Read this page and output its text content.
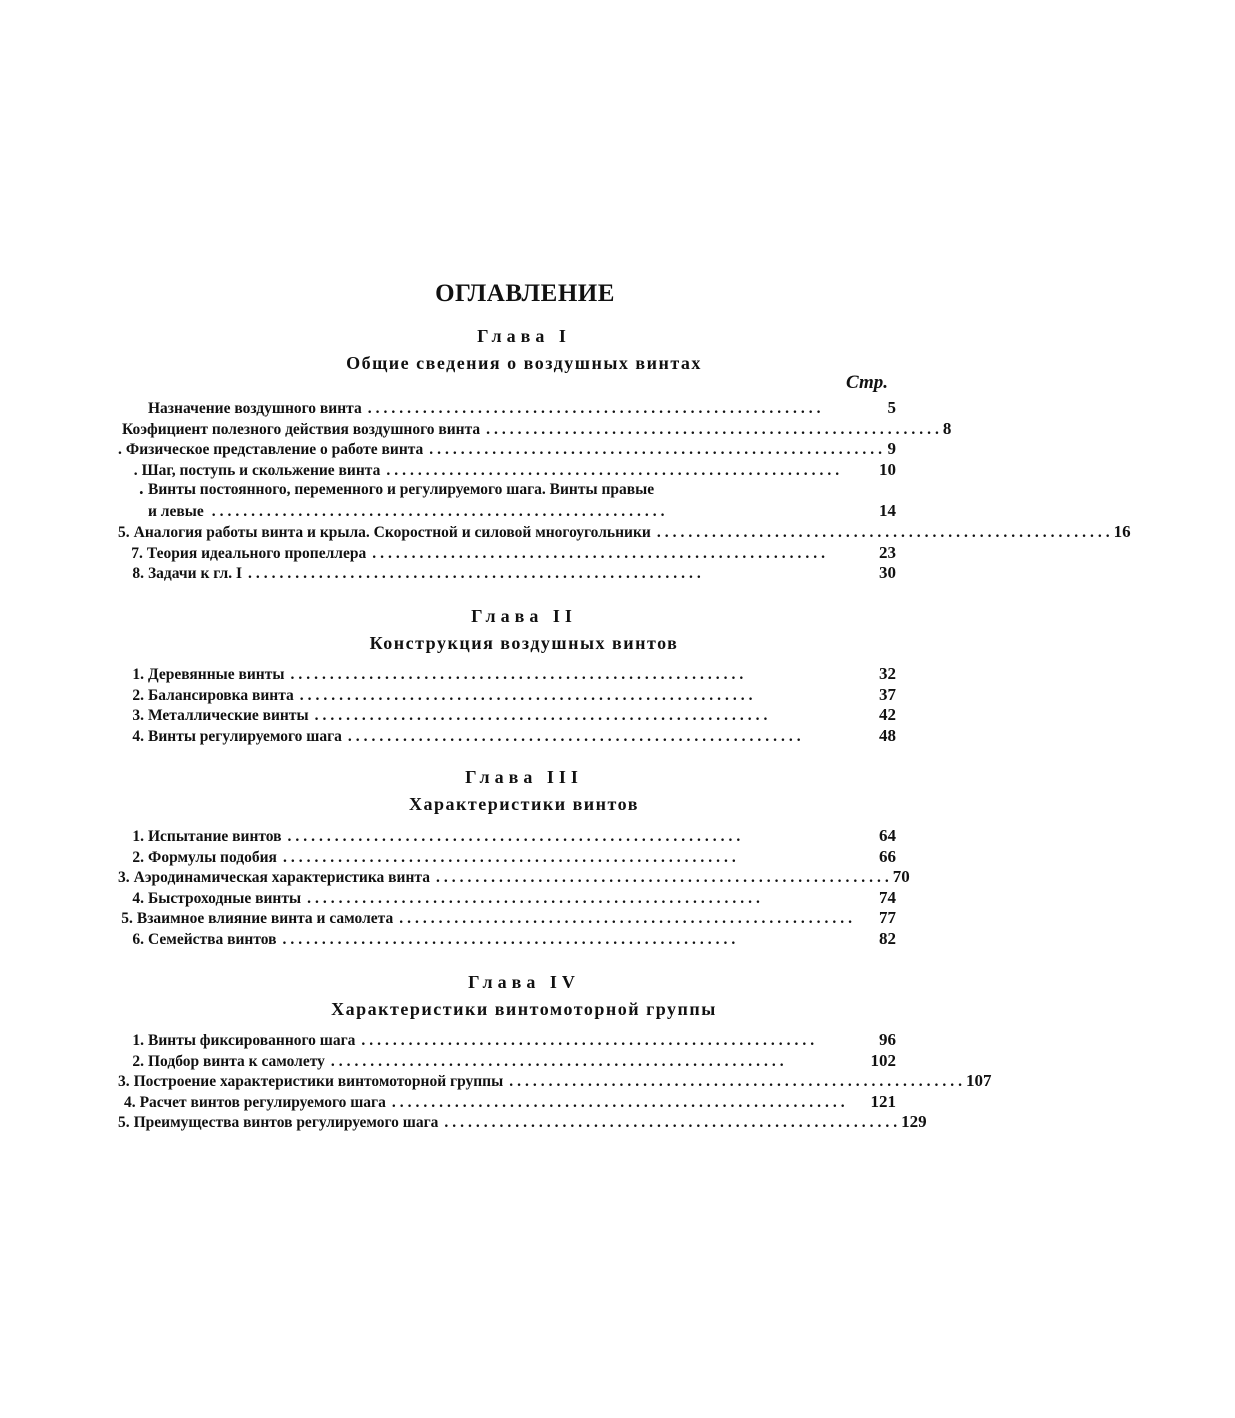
ОГЛАВЛЕНИЕ
Глава I
Общие сведения о воздушных винтах
Стр.
Назначение воздушного винта ..........................................................	5
Коэфициент полезного действия воздушного винта .......................................................... 8
. Физическое представление о работе винта .......................................................... 9
. Шаг, поступь и скольжение винта ..........................................................	10
․ Винты постоянного, переменного и регулируемого шага. Винты правые
и левые ..........................................................	14
5. Аналогия работы винта и крыла. Скоростной и силовой многоугольники .......................................................... 16
7. Теория идеального пропеллера ..........................................................	23
8. Задачи к гл. I ..........................................................	30
Глава II
Конструкция воздушных винтов
1. Деревянные винты ..........................................................	32
2. Балансировка винта ..........................................................	37
3. Металлические винты ..........................................................	42
4. Винты регулируемого шага ..........................................................	48
Глава III
Характеристики винтов
1. Испытание винтов ..........................................................	64
2. Формулы подобия ..........................................................	66
3. Аэродинамическая характеристика винта .......................................................... 70
4. Быстроходные винты ..........................................................	74
5. Взаимное влияние винта и самолета ..........................................................	77
6. Семейства винтов ..........................................................	82
Глава IV
Характеристики винтомоторной группы
1. Винты фиксированного шага ..........................................................	96
2. Подбор винта к самолету ..........................................................	102
3. Построение характеристики винтомоторной группы .......................................................... 107
4. Расчет винтов регулируемого шага ..........................................................	121
5. Преимущества винтов регулируемого шага .......................................................... 129
